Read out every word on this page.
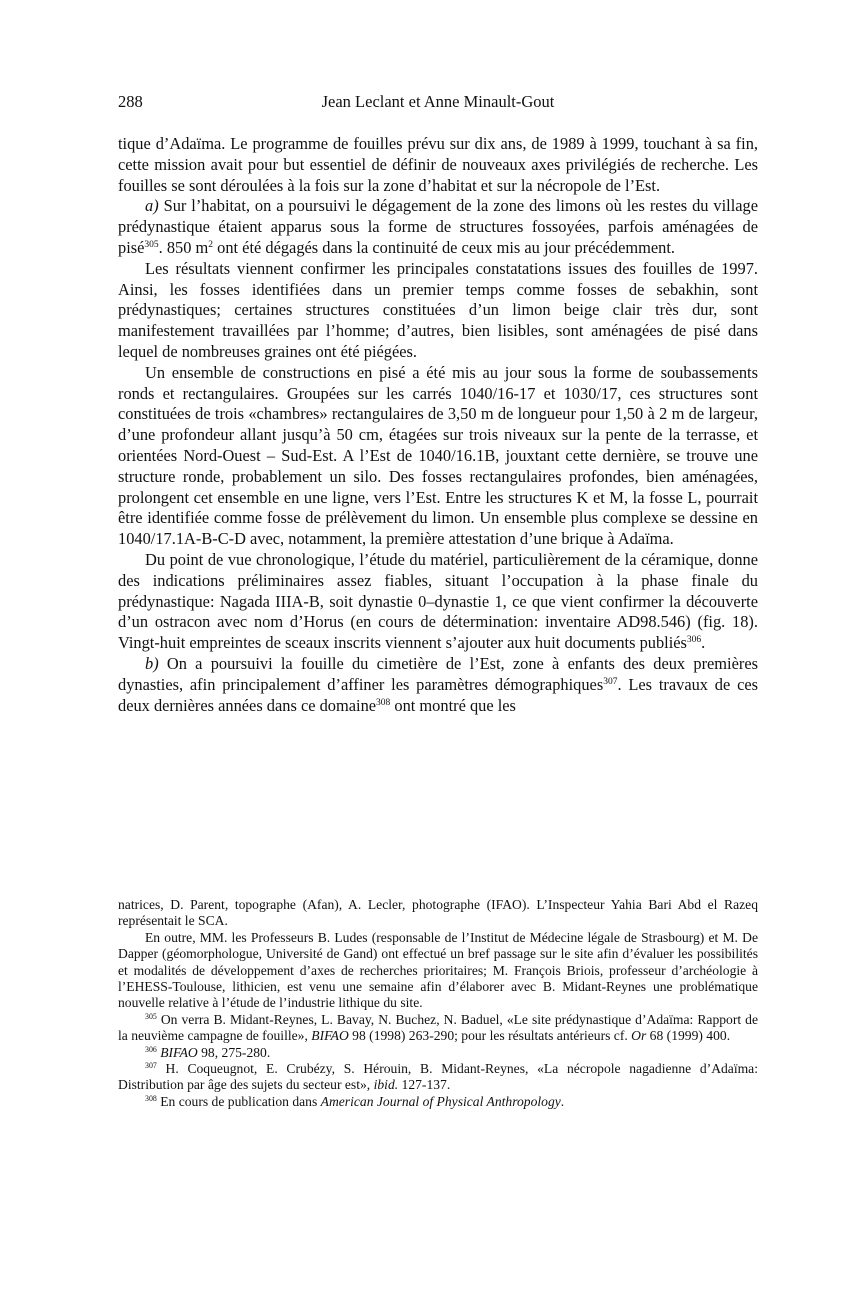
288	Jean Leclant et Anne Minault-Gout

tique d’Adaïma. Le programme de fouilles prévu sur dix ans, de 1989 à 1999, touchant à sa fin, cette mission avait pour but essentiel de définir de nouveaux axes privilégiés de recherche. Les fouilles se sont déroulées à la fois sur la zone d’habitat et sur la nécropole de l’Est.

a) Sur l’habitat, on a poursuivi le dégagement de la zone des limons où les restes du village prédynastique étaient apparus sous la forme de structures fossoyées, parfois aménagées de pisé$^{305}$. 850 $m^2$ ont été dégagés dans la continuité de ceux mis au jour précédemment.

Les résultats viennent confirmer les principales constatations issues des fouilles de 1997. Ainsi, les fosses identifiées dans un premier temps comme fosses de sebakhin, sont prédynastiques; certaines structures constituées d’un limon beige clair très dur, sont manifestement travaillées par l’homme; d’autres, bien lisibles, sont aménagées de pisé dans lequel de nombreuses graines ont été piégées.

Un ensemble de constructions en pisé a été mis au jour sous la forme de soubassements ronds et rectangulaires. Groupées sur les carrés 1040/16-17 et 1030/17, ces structures sont constituées de trois «chambres» rectangulaires de 3,50 m de longueur pour 1,50 à 2 m de largeur, d’une profondeur allant jusqu’à 50 cm, étagées sur trois niveaux sur la pente de la terrasse, et orientées Nord-Ouest – Sud-Est. A l’Est de 1040/16.1B, jouxtant cette dernière, se trouve une structure ronde, probablement un silo. Des fosses rectangulaires profondes, bien aménagées, prolongent cet ensemble en une ligne, vers l’Est. Entre les structures K et M, la fosse L, pourrait être identifiée comme fosse de prélèvement du limon. Un ensemble plus complexe se dessine en 1040/17.1A-B-C-D avec, notamment, la première attestation d’une brique à Adaïma.

Du point de vue chronologique, l’étude du matériel, particulièrement de la céramique, donne des indications préliminaires assez fiables, situant l’occupation à la phase finale du prédynastique: Nagada IIIA-B, soit dynastie 0–dynastie 1, ce que vient confirmer la découverte d’un ostracon avec nom d’Horus (en cours de détermination: inventaire AD98.546) (fig. 18). Vingt-huit empreintes de sceaux inscrits viennent s’ajouter aux huit documents publiés$^{306}$.

b) On a poursuivi la fouille du cimetière de l’Est, zone à enfants des deux premières dynasties, afin principalement d’affiner les paramètres démographiques$^{307}$. Les travaux de ces deux dernières années dans ce domaine$^{308}$ ont montré que les

natrices, D. Parent, topographe (Afan), A. Lecler, photographe (IFAO). L’Inspecteur Yahia Bari Abd el Razeq représentait le SCA.

En outre, MM. les Professeurs B. Ludes (responsable de l’Institut de Médecine légale de Strasbourg) et M. De Dapper (géomorphologue, Université de Gand) ont effectué un bref passage sur le site afin d’évaluer les possibilités et modalités de développement d’axes de recherches prioritaires; M. François Briois, professeur d’archéologie à l’EHESS-Toulouse, lithicien, est venu une semaine afin d’élaborer avec B. Midant-Reynes une problématique nouvelle relative à l’étude de l’industrie lithique du site.

$^{305}$ On verra B. Midant-Reynes, L. Bavay, N. Buchez, N. Baduel, «Le site prédynastique d’Adaïma: Rapport de la neuvième campagne de fouille», BIFAO 98 (1998) 263-290; pour les résultats antérieurs cf. Or 68 (1999) 400.

$^{306}$ BIFAO 98, 275-280.

$^{307}$ H. Coqueugnot, E. Crubézy, S. Hérouin, B. Midant-Reynes, «La nécropole nagadienne d’Adaïma: Distribution par âge des sujets du secteur est», ibid. 127-137.

$^{308}$ En cours de publication dans American Journal of Physical Anthropology.
